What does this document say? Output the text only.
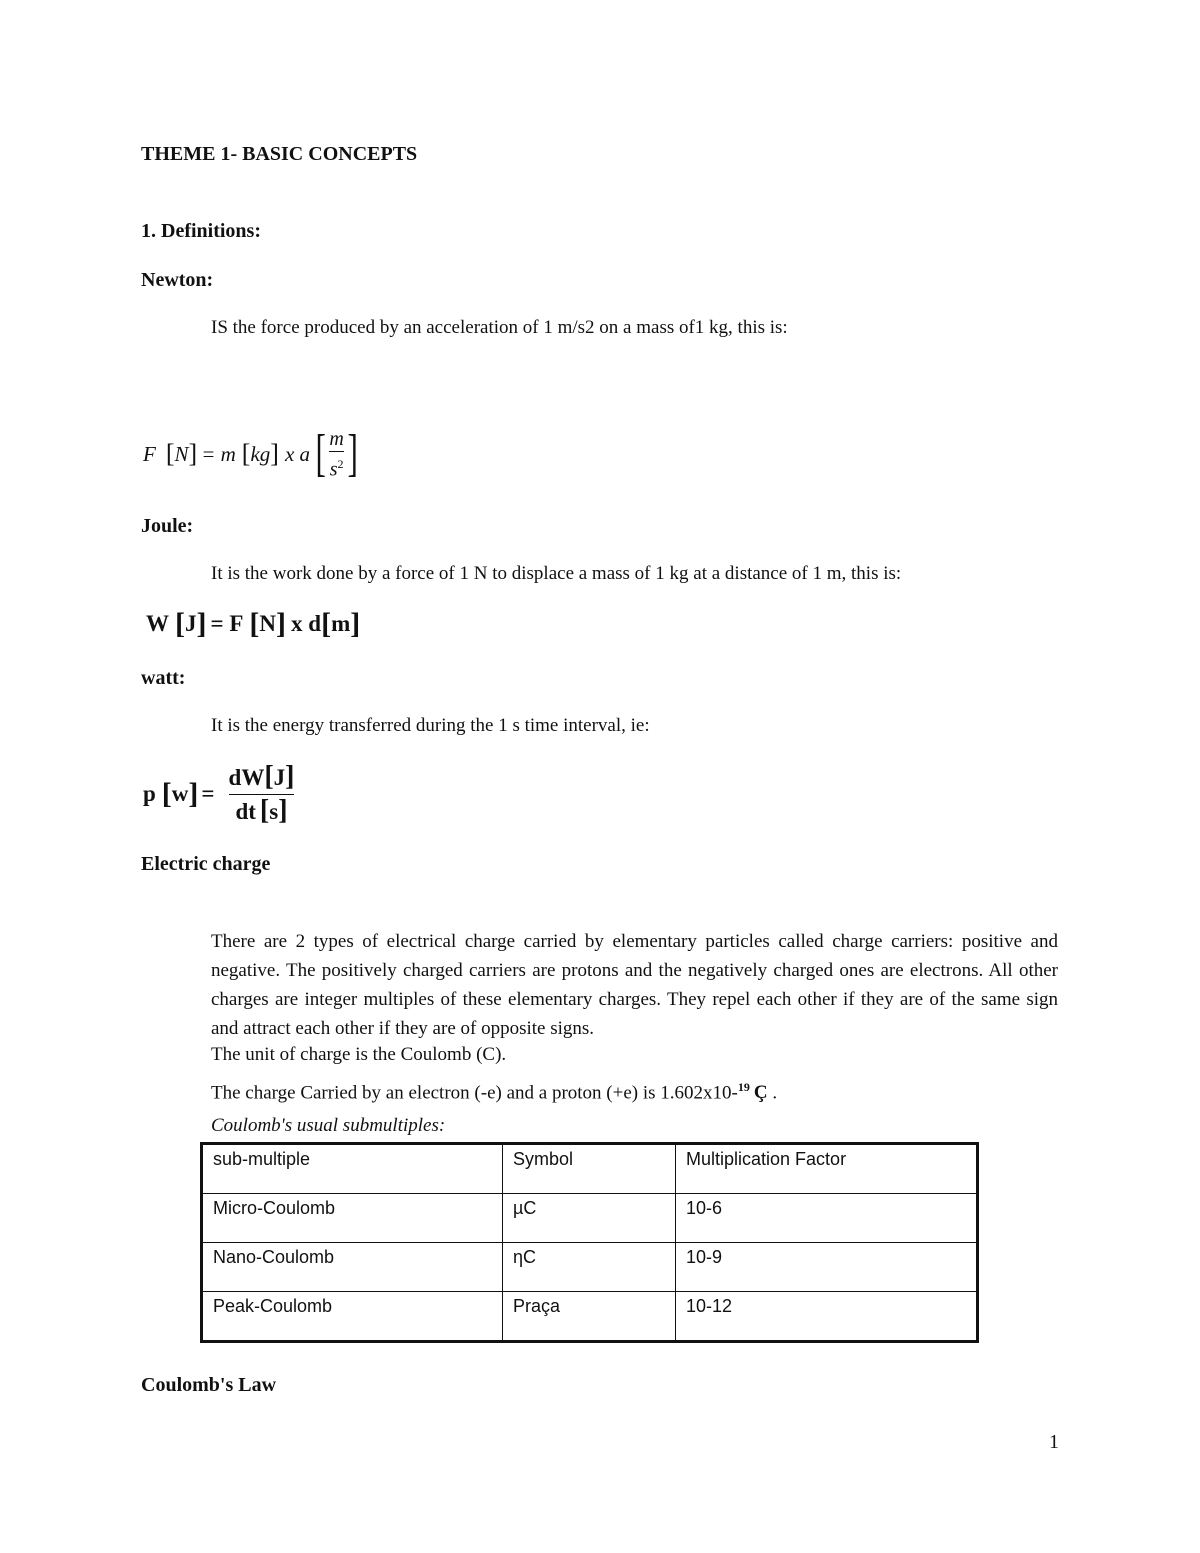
THEME 1- BASIC CONCEPTS
1. Definitions:
Newton:
IS the force produced by an acceleration of 1 m/s2 on a mass of1 kg, this is:
F [ N ] = m [ kg ] x a [ $\frac{m}{s^2}$ ]
Joule:
It is the work done by a force of 1 N to displace a mass of 1 kg at a distance of 1 m, this is:
W [ J ] = F [ N ] x d [ m ]
watt:
It is the energy transferred during the 1 s time interval, ie:
p [ w ] = $\frac{dW[J]}{dt [s]}$
Electric charge
There are 2 types of electrical charge carried by elementary particles called charge carriers: positive and negative. The positively charged carriers are protons and the negatively charged ones are electrons. All other charges are integer multiples of these elementary charges. They repel each other if they are of the same sign and attract each other if they are of opposite signs.
The unit of charge is the Coulomb (C).
The charge Carried by an electron (-e) and a proton (+e) is 1.602x10-$^{19}$ Ç .
Coulomb's usual submultiples:
sub-multiple	Symbol	Multiplication Factor
Micro-Coulomb	µC	10-6
Nano-Coulomb	ηC	10-9
Peak-Coulomb	Praça	10-12
Coulomb's Law
1
